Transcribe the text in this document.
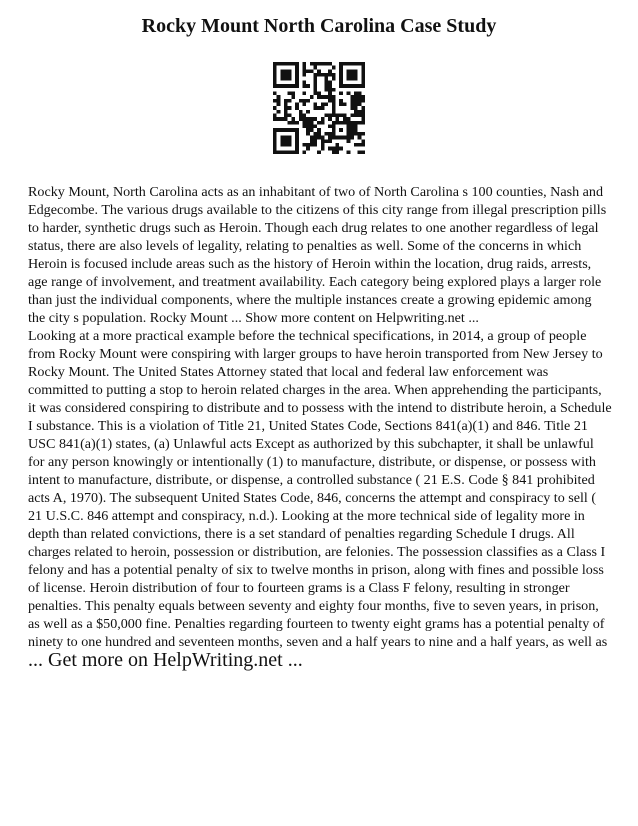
Rocky Mount North Carolina Case Study

Rocky Mount, North Carolina acts as an inhabitant of two of North Carolina s 100 counties, Nash and Edgecombe. The various drugs available to the citizens of this city range from illegal prescription pills to harder, synthetic drugs such as Heroin. Though each drug relates to one another regardless of legal status, there are also levels of legality, relating to penalties as well. Some of the concerns in which Heroin is focused include areas such as the history of Heroin within the location, drug raids, arrests, age range of involvement, and treatment availability. Each category being explored plays a larger role than just the individual components, where the multiple instances create a growing epidemic among the city s population. Rocky Mount ... Show more content on Helpwriting.net ...

Looking at a more practical example before the technical specifications, in 2014, a group of people from Rocky Mount were conspiring with larger groups to have heroin transported from New Jersey to Rocky Mount. The United States Attorney stated that local and federal law enforcement was committed to putting a stop to heroin related charges in the area. When apprehending the participants, it was considered conspiring to distribute and to possess with the intend to distribute heroin, a Schedule I substance. This is a violation of Title 21, United States Code, Sections 841(a)(1) and 846. Title 21 USC 841(a)(1) states, (a) Unlawful acts Except as authorized by this subchapter, it shall be unlawful for any person knowingly or intentionally (1) to manufacture, distribute, or dispense, or possess with intent to manufacture, distribute, or dispense, a controlled substance ( 21 E.S. Code § 841 prohibited acts A, 1970). The subsequent United States Code, 846, concerns the attempt and conspiracy to sell ( 21 U.S.C. 846 attempt and conspiracy, n.d.). Looking at the more technical side of legality more in depth than related convictions, there is a set standard of penalties regarding Schedule I drugs. All charges related to heroin, possession or distribution, are felonies. The possession classifies as a Class I felony and has a potential penalty of six to twelve months in prison, along with fines and possible loss of license. Heroin distribution of four to fourteen grams is a Class F felony, resulting in stronger penalties. This penalty equals between seventy and eighty four months, five to seven years, in prison, as well as a $50,000 fine. Penalties regarding fourteen to twenty eight grams has a potential penalty of ninety to one hundred and seventeen months, seven and a half years to nine and a half years, as well as

... Get more on HelpWriting.net ...
